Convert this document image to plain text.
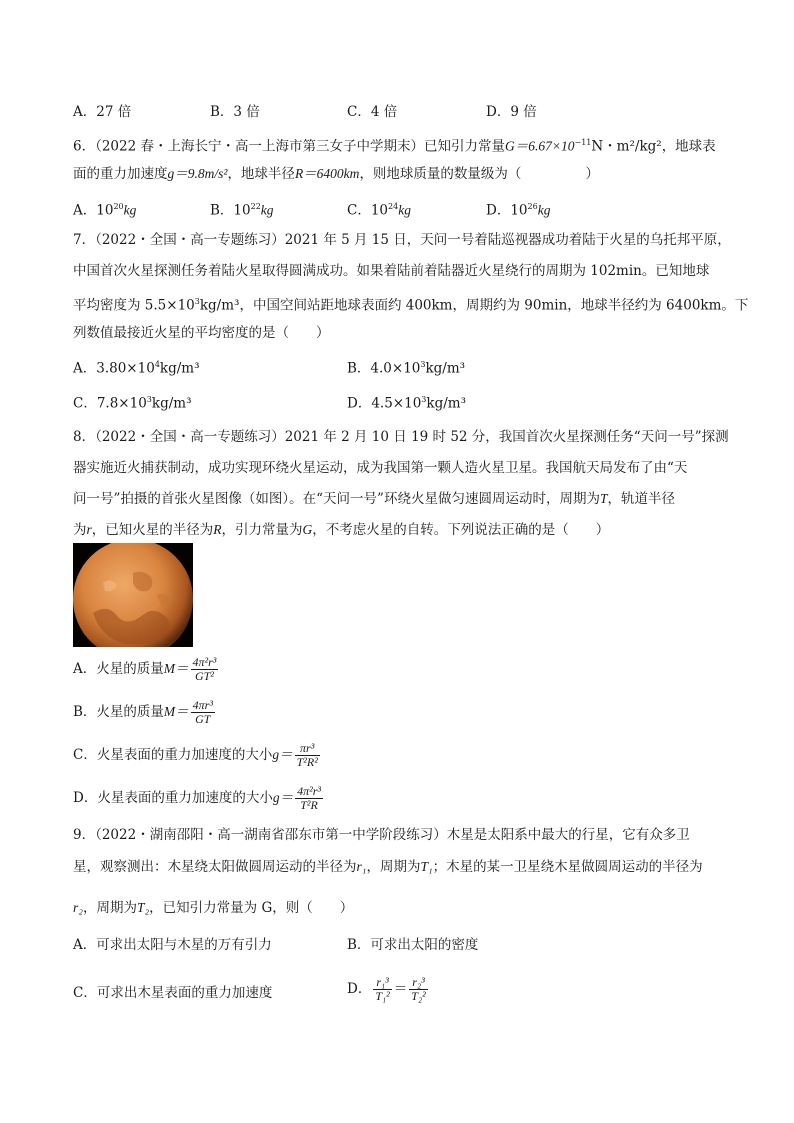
A．27 倍	B．3 倍	C．4 倍	D．9 倍
6．（2022 春・上海长宁・高一上海市第三女子中学期末）已知引力常量$G=6.67\times 10^{-11}N$・m²/kg²，地球表
面的重力加速度g＝9.8m/s²，地球半径R＝6400km，则地球质量的数量级为（	）
A．$10^{20}kg$	B．$10^{22}kg$	C．$10^{24}kg$	D．$10^{26}kg$
7．（2022・全国・高一专题练习）2021 年 5 月 15 日，天问一号着陆巡视器成功着陆于火星的乌托邦平原，
中国首次火星探测任务着陆火星取得圆满成功。如果着陆前着陆器近火星绕行的周期为 102min。已知地球
平均密度为 $5.5\times 10^3kg/m^3$，中国空间站距地球表面约 400km，周期约为 90min，地球半径约为 6400km。下
列数值最接近火星的平均密度的是（　　）
A．$3.80\times 10^4kg/m^3$	B．$4.0\times 10^3kg/m^3$
C．$7.8\times 10^3kg/m^3$	D．$4.5\times 10^3kg/m^3$
8．（2022・全国・高一专题练习）2021 年 2 月 10 日 19 时 52 分，我国首次火星探测任务“天问一号”探测
器实施近火捕获制动，成功实现环绕火星运动，成为我国第一颗人造火星卫星。我国航天局发布了由“天
问一号”拍摄的首张火星图像（如图）。在“天问一号”环绕火星做匀速圆周运动时，周期为T，轨道半径
为r，已知火星的半径为R，引力常量为G，不考虑火星的自转。下列说法正确的是（　　）
A．火星的质量$M= \frac{\text{4π²r³}}{\text{GT²}}$
B．火星的质量$M= \frac{\text{4πr³}}{GT}$
C．火星表面的重力加速度的大小$g= \frac{\text{πr³}}{\text{T²R²}}$
D．火星表面的重力加速度的大小$g= \frac{\text{4π²r³}}{\text{T²R}}$
9．（2022・湖南邵阳・高一湖南省邵东市第一中学阶段练习）木星是太阳系中最大的行星，它有众多卫
星，观察测出：木星绕太阳做圆周运动的半径为r₁，周期为T₁；木星的某一卫星绕木星做圆周运动的半径为
r₂，周期为T₂，已知引力常量为 G，则（　　）
A．可求出太阳与木星的万有引力	B．可求出太阳的密度
C．可求出木星表面的重力加速度	D． $\frac{\text{r₁³}}{\text{T₁²}} = \frac{\text{r₂³}}{\text{T₂²}}$
